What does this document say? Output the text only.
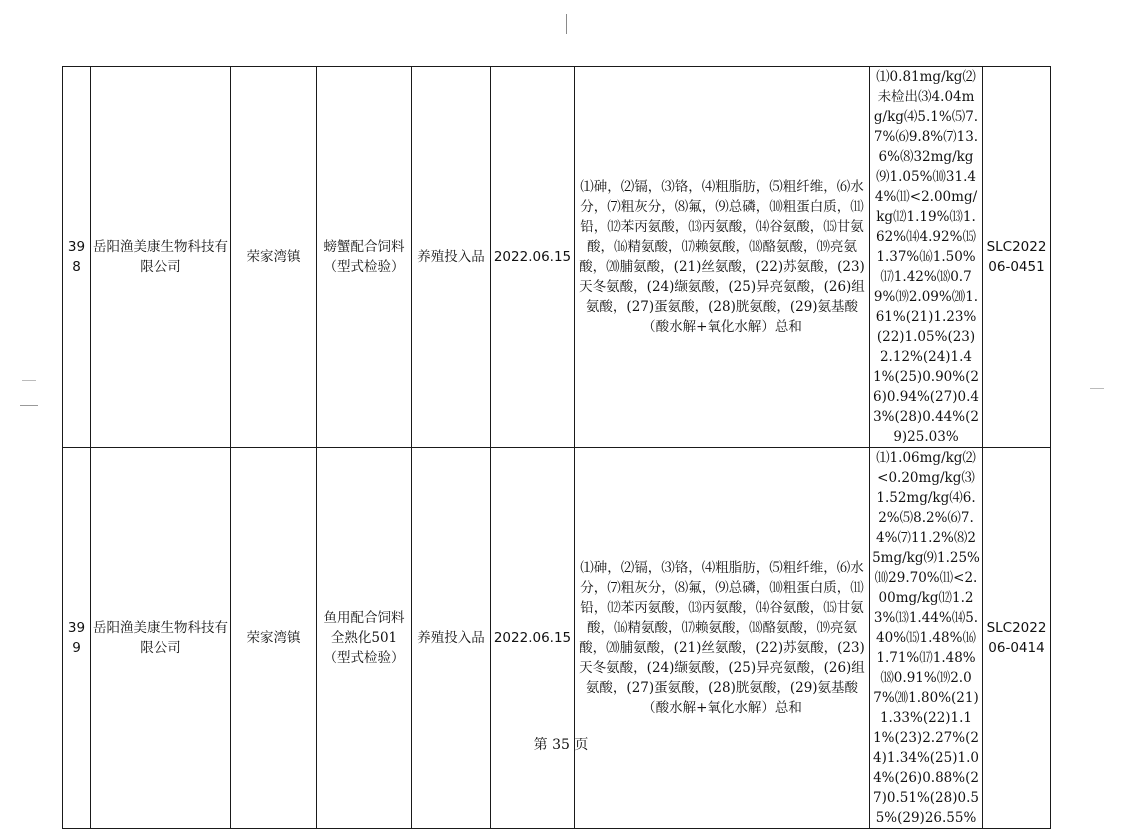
398	岳阳渔美康生物科技有限公司	荣家湾镇	螃蟹配合饲料（型式检验）	养殖投入品	2022.06.15	⑴砷，⑵镉，⑶铬，⑷粗脂肪，⑸粗纤维，⑹水分，⑺粗灰分，⑻氟，⑼总磷，⑽粗蛋白质，⑾铅，⑿苯丙氨酸，⒀丙氨酸，⒁谷氨酸，⒂甘氨酸，⒃精氨酸，⒄赖氨酸，⒅酪氨酸，⒆亮氨酸，⒇脯氨酸，(21)丝氨酸，(22)苏氨酸，(23)天冬氨酸，(24)缬氨酸，(25)异亮氨酸，(26)组氨酸，(27)蛋氨酸，(28)胱氨酸，(29)氨基酸（酸水解+氧化水解）总和	⑴0.81mg/kg⑵未检出⑶4.04mg/kg⑷5.1%⑸7.7%⑹9.8%⑺13.6%⑻32mg/kg⑼1.05%⑽31.44%⑾<2.00mg/kg⑿1.19%⒀1.62%⒁4.92%⒂1.37%⒃1.50%⒄1.42%⒅0.79%⒆2.09%⒇1.61%(21)1.23%(22)1.05%(23)2.12%(24)1.41%(25)0.90%(26)0.94%(27)0.43%(28)0.44%(29)25.03%	SLC202206-0451
399	岳阳渔美康生物科技有限公司	荣家湾镇	鱼用配合饲料全熟化501（型式检验）	养殖投入品	2022.06.15	⑴砷，⑵镉，⑶铬，⑷粗脂肪，⑸粗纤维，⑹水分，⑺粗灰分，⑻氟，⑼总磷，⑽粗蛋白质，⑾铅，⑿苯丙氨酸，⒀丙氨酸，⒁谷氨酸，⒂甘氨酸，⒃精氨酸，⒄赖氨酸，⒅酪氨酸，⒆亮氨酸，⒇脯氨酸，(21)丝氨酸，(22)苏氨酸，(23)天冬氨酸，(24)缬氨酸，(25)异亮氨酸，(26)组氨酸，(27)蛋氨酸，(28)胱氨酸，(29)氨基酸（酸水解+氧化水解）总和	⑴1.06mg/kg⑵<0.20mg/kg⑶1.52mg/kg⑷6.2%⑸8.2%⑹7.4%⑺11.2%⑻25mg/kg⑼1.25%⑽29.70%⑾<2.00mg/kg⑿1.23%⒀1.44%⒁5.40%⒂1.48%⒃1.71%⒄1.48%⒅0.91%⒆2.07%⒇1.80%(21)1.33%(22)1.11%(23)2.27%(24)1.34%(25)1.04%(26)0.88%(27)0.51%(28)0.55%(29)26.55%	SLC202206-0414
第 35 页
